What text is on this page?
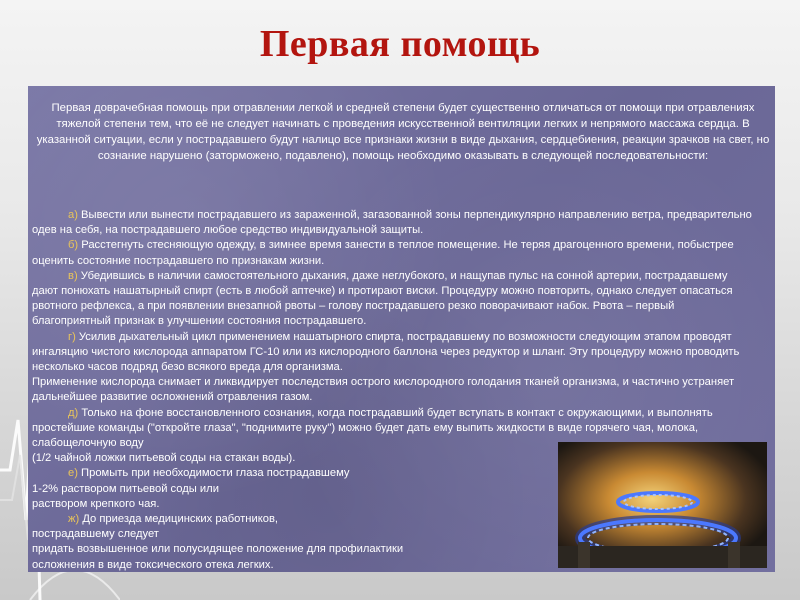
Первая помощь
Первая доврачебная помощь при отравлении легкой и средней степени будет существенно отличаться от помощи при отравлениях тяжелой степени тем, что её не следует начинать с проведения искусственной вентиляции легких и непрямого массажа сердца. В указанной ситуации, если у пострадавшего будут налицо все признаки жизни в виде дыхания, сердцебиения, реакции зрачков на свет, но сознание нарушено (заторможено, подавлено), помощь необходимо оказывать в следующей последовательности:

а) Вывести или вынести пострадавшего из зараженной, загазованной зоны перпендикулярно направлению ветра, предварительно одев на себя, на пострадавшего любое средство индивидуальной защиты.

б) Расстегнуть стесняющую одежду, в зимнее время занести в теплое помещение. Не теряя драгоценного времени, побыстрее оценить состояние пострадавшего по признакам жизни.

в) Убедившись в наличии самостоятельного дыхания, даже неглубокого, и нащупав пульс на сонной артерии, пострадавшему дают понюхать нашатырный спирт (есть в любой аптечке) и протирают виски. Процедуру можно повторить, однако следует опасаться рвотного рефлекса, а при появлении внезапной рвоты – голову пострадавшего резко поворачивают набок. Рвота – первый благоприятный признак в улучшении состояния пострадавшего.

г) Усилив дыхательный цикл применением нашатырного спирта, пострадавшему по возможности следующим этапом проводят ингаляцию чистого кислорода аппаратом ГС-10 или из кислородного баллона через редуктор и шланг. Эту процедуру можно проводить несколько часов подряд безо всякого вреда для организма.

Применение кислорода снимает и ликвидирует последствия острого кислородного голодания тканей организма, и частично устраняет дальнейшее развитие осложнений отравления газом.

д) Только на фоне восстановленного сознания, когда пострадавший будет вступать в контакт с окружающими, и выполнять простейшие команды ("откройте глаза", "поднимите руку") можно будет дать ему выпить жидкости в виде горячего чая, молока, слабощелочную воду

(1/2 чайной ложки питьевой соды на стакан воды).

е) Промыть при необходимости глаза пострадавшему

1-2% раствором питьевой соды или

раствором крепкого чая.

ж) До приезда медицинских работников,

пострадавшему следует

придать возвышенное или полусидящее положение для профилактики

осложнения в виде токсического отека легких.
